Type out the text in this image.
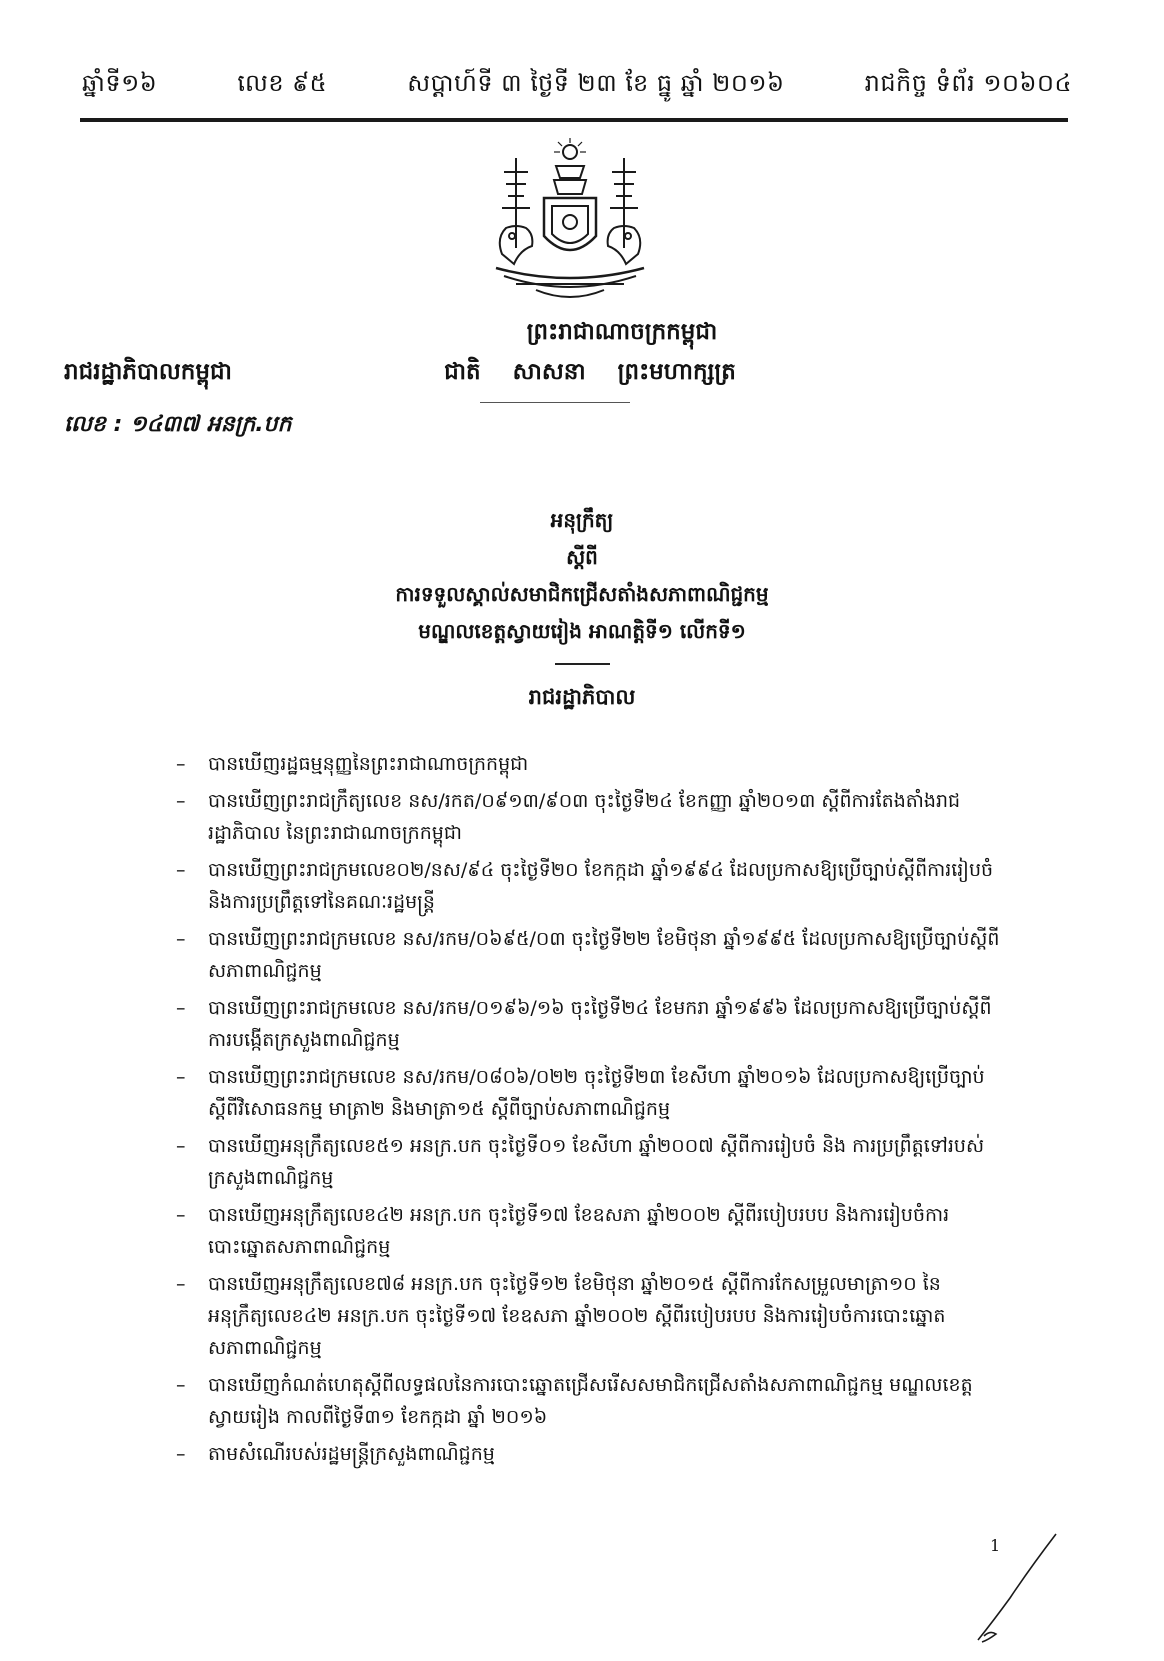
ឆ្នាំទី១៦	លេខ ៩៥	សប្តាហ៍ទី ៣ ថ្ងៃទី ២៣ ខែ ធ្នូ ឆ្នាំ ២០១៦	រាជកិច្ច ទំព័រ ១០៦០៤
ព្រះរាជាណាចក្រកម្ពុជា
រាជរដ្ឋាភិបាលកម្ពុជា	ជាតិ សាសនា ព្រះមហាក្សត្រ
លេខ : ១៤៣៧ អនក្រ.បក
អនុក្រឹត្យ
ស្តីពី
ការទទួលស្គាល់សមាជិកជ្រើសតាំងសភាពាណិជ្ជកម្ម
មណ្ឌលខេត្តស្វាយរៀង អាណត្តិទី១ លើកទី១
រាជរដ្ឋាភិបាល
– បានឃើញរដ្ឋធម្មនុញ្ញនៃព្រះរាជាណាចក្រកម្ពុជា
– បានឃើញព្រះរាជក្រឹត្យលេខ នស/រកត/០៩១៣/៩០៣ ចុះថ្ងៃទី២៤ ខែកញ្ញា ឆ្នាំ២០១៣ ស្តីពីការតែងតាំងរាជរដ្ឋាភិបាល នៃព្រះរាជាណាចក្រកម្ពុជា
– បានឃើញព្រះរាជក្រមលេខ០២/នស/៩៤ ចុះថ្ងៃទី២០ ខែកក្កដា ឆ្នាំ១៩៩៤ ដែលប្រកាសឱ្យប្រើច្បាប់ស្តីពីការរៀបចំ និងការប្រព្រឹត្តទៅនៃគណៈរដ្ឋមន្ត្រី
– បានឃើញព្រះរាជក្រមលេខ នស/រកម/០៦៩៥/០៣ ចុះថ្ងៃទី២២ ខែមិថុនា ឆ្នាំ១៩៩៥ ដែលប្រកាសឱ្យប្រើច្បាប់ស្តីពីសភាពាណិជ្ជកម្ម
– បានឃើញព្រះរាជក្រមលេខ នស/រកម/០១៩៦/១៦ ចុះថ្ងៃទី២៤ ខែមករា ឆ្នាំ១៩៩៦ ដែលប្រកាសឱ្យប្រើច្បាប់ស្តីពីការបង្កើតក្រសួងពាណិជ្ជកម្ម
– បានឃើញព្រះរាជក្រមលេខ នស/រកម/០៨០៦/០២២ ចុះថ្ងៃទី២៣ ខែសីហា ឆ្នាំ២០១៦ ដែលប្រកាសឱ្យប្រើច្បាប់ស្តីពីវិសោធនកម្ម មាត្រា២ និងមាត្រា១៥ ស្តីពីច្បាប់សភាពាណិជ្ជកម្ម
– បានឃើញអនុក្រឹត្យលេខ៥១ អនក្រ.បក ចុះថ្ងៃទី០១ ខែសីហា ឆ្នាំ២០០៧ ស្តីពីការរៀបចំ និង ការប្រព្រឹត្តទៅរបស់ក្រសួងពាណិជ្ជកម្ម
– បានឃើញអនុក្រឹត្យលេខ៤២ អនក្រ.បក ចុះថ្ងៃទី១៧ ខែឧសភា ឆ្នាំ២០០២ ស្តីពីរបៀបរបប និងការរៀបចំការបោះឆ្នោតសភាពាណិជ្ជកម្ម
– បានឃើញអនុក្រឹត្យលេខ៧៨ អនក្រ.បក ចុះថ្ងៃទី១២ ខែមិថុនា ឆ្នាំ២០១៥ ស្តីពីការកែសម្រួលមាត្រា១០ នៃអនុក្រឹត្យលេខ៤២ អនក្រ.បក ចុះថ្ងៃទី១៧ ខែឧសភា ឆ្នាំ២០០២ ស្តីពីរបៀបរបប និងការរៀបចំការបោះឆ្នោតសភាពាណិជ្ជកម្ម
– បានឃើញកំណត់ហេតុស្តីពីលទ្ធផលនៃការបោះឆ្នោតជ្រើសរើសសមាជិកជ្រើសតាំងសភាពាណិជ្ជកម្ម មណ្ឌលខេត្តស្វាយរៀង កាលពីថ្ងៃទី៣១ ខែកក្កដា ឆ្នាំ ២០១៦
– តាមសំណើរបស់រដ្ឋមន្ត្រីក្រសួងពាណិជ្ជកម្ម
1
